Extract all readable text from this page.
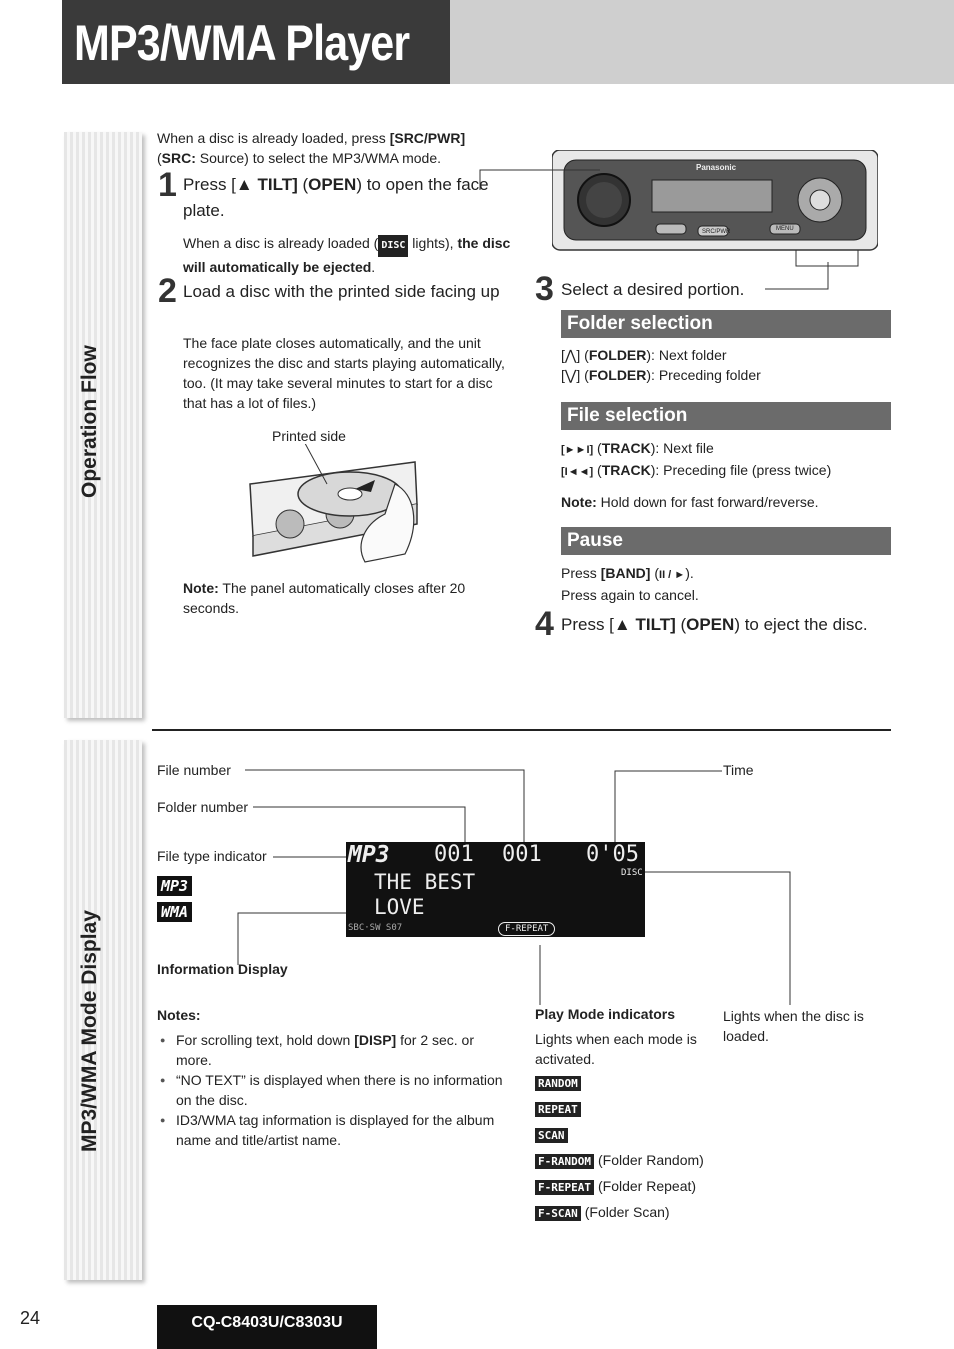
MP3/WMA Player
Operation Flow
MP3/WMA Mode Display
When a disc is already loaded, press [SRC/PWR]
(SRC: Source) to select the MP3/WMA mode.
1 Press [▲ TILT] (OPEN) to open the face plate.
When a disc is already loaded ( DISC lights), the disc will automatically be ejected.
2 Load a disc with the printed side facing up
The face plate closes automatically, and the unit recognizes the disc and starts playing automatically, too. (It may take several minutes to start for a disc that has a lot of files.)
Printed side
Note: The panel automatically closes after 20 seconds.
Panasonic
SRC/PWR	MENU
3 Select a desired portion.
Folder selection
[⋀] (FOLDER): Next folder
[⋁] (FOLDER): Preceding folder
File selection
[►►I] (TRACK): Next file
[I◄◄] (TRACK): Preceding file (press twice)
Note: Hold down for fast forward/reverse.
Pause
Press [BAND] (II / ►).
Press again to cancel.
4 Press [▲ TILT] (OPEN) to eject the disc.
File number
Folder number
File type indicator
Time
MP3
WMA
MP3 001 001 0'05
DISC
THE BEST
LOVE
SBC·SW S07	F-REPEAT
Information Display
Notes:
● For scrolling text, hold down [DISP] for 2 sec. or more.
● “NO TEXT” is displayed when there is no information on the disc.
● ID3/WMA tag information is displayed for the album name and title/artist name.
Play Mode indicators
Lights when each mode is activated.
RANDOM
REPEAT
SCAN
F-RANDOM (Folder Random)
F-REPEAT (Folder Repeat)
F-SCAN (Folder Scan)
Lights when the disc is loaded.
24	CQ-C8403U/C8303U
